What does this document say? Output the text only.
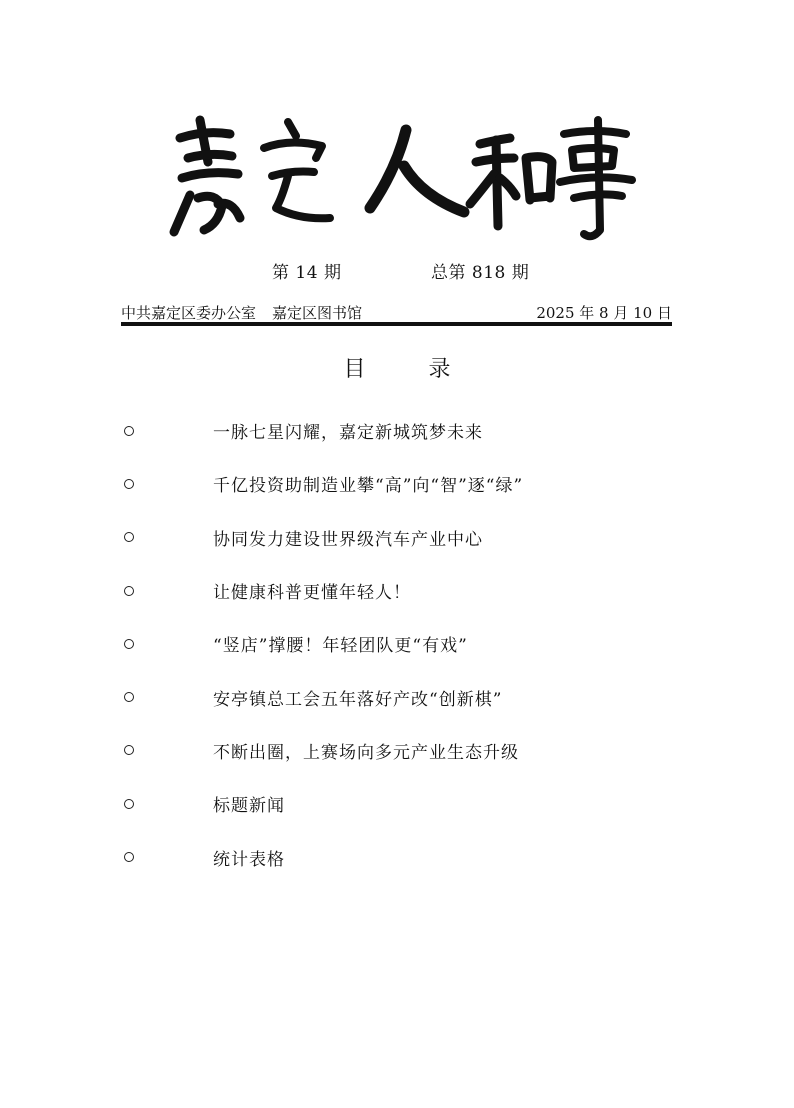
第 14 期	总第 818 期
中共嘉定区委办公室 嘉定区图书馆	2025 年 8 月 10 日
目 录
一脉七星闪耀，嘉定新城筑梦未来
千亿投资助制造业攀“高”向“智”逐“绿”
协同发力建设世界级汽车产业中心
让健康科普更懂年轻人！
“竖店”撑腰！年轻团队更“有戏”
安亭镇总工会五年落好产改“创新棋”
不断出圈，上赛场向多元产业生态升级
标题新闻
统计表格
